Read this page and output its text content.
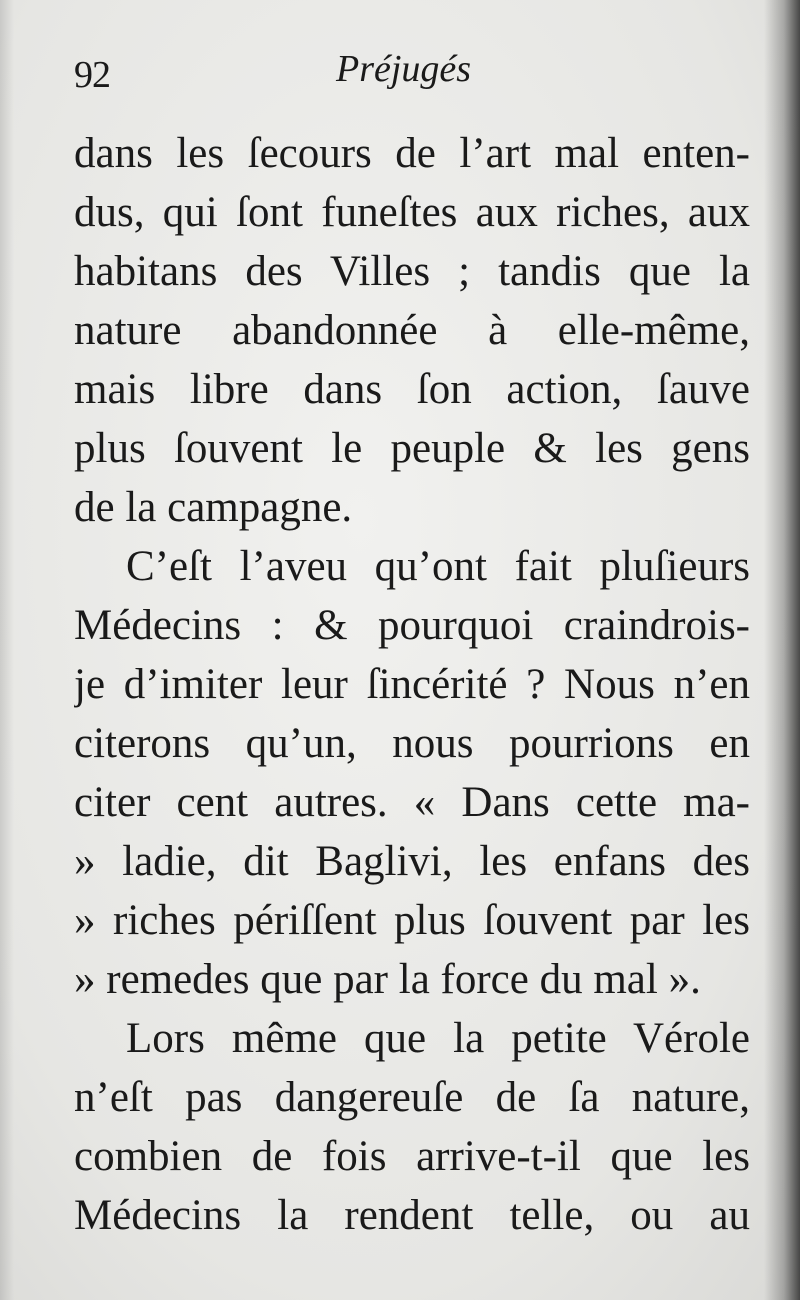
92	Préjugés
dans les ſecours de l’art mal enten-
dus, qui ſont funeſtes aux riches, aux
habitans des Villes ; tandis que la
nature abandonnée à elle-même,
mais libre dans ſon action, ſauve
plus ſouvent le peuple & les gens
de la campagne.
C’eſt l’aveu qu’ont fait pluſieurs
Médecins : & pourquoi craindrois-
je d’imiter leur ſincérité ? Nous n’en
citerons qu’un, nous pourrions en
citer cent autres. « Dans cette ma-
» ladie, dit Baglivi, les enfans des
» riches périſſent plus ſouvent par les
» remedes que par la force du mal ».
Lors même que la petite Vérole
n’eſt pas dangereuſe de ſa nature,
combien de fois arrive-t-il que les
Médecins la rendent telle, ou au
